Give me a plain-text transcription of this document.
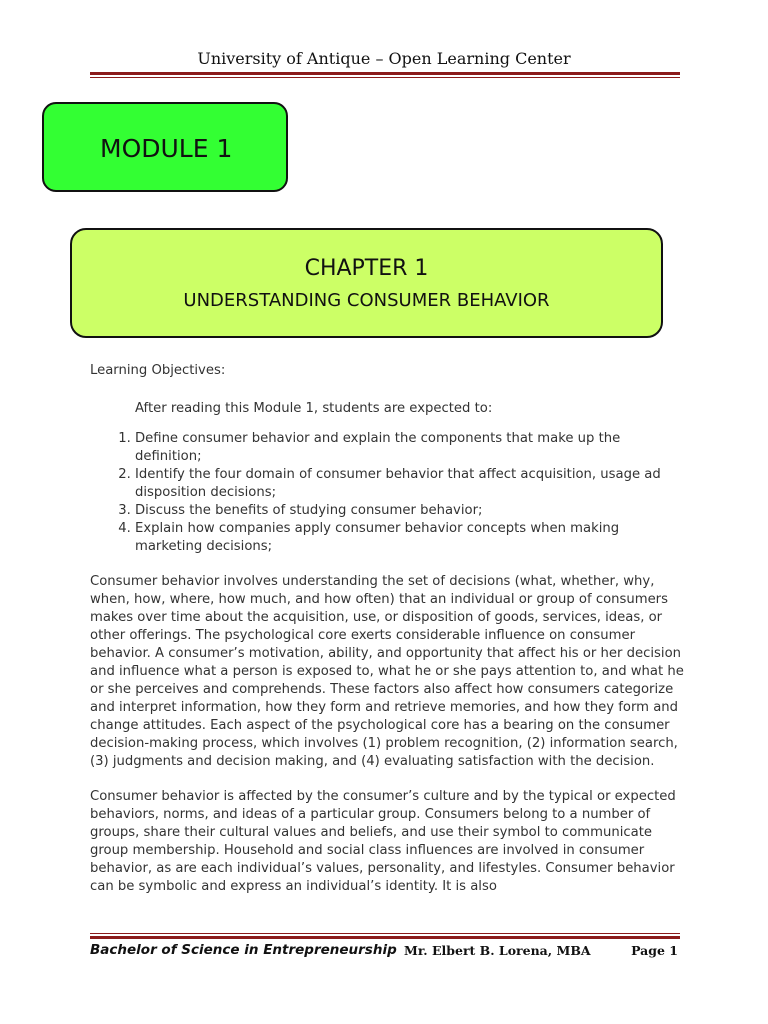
University of Antique – Open Learning Center
MODULE 1
CHAPTER 1
UNDERSTANDING CONSUMER BEHAVIOR
Learning Objectives:
After reading this Module 1, students are expected to:
1. Define consumer behavior and explain the components that make up the definition;
2. Identify the four domain of consumer behavior that affect acquisition, usage ad disposition decisions;
3. Discuss the benefits of studying consumer behavior;
4. Explain how companies apply consumer behavior concepts when making marketing decisions;

Consumer behavior involves understanding the set of decisions (what, whether, why, when, how, where, how much, and how often) that an individual or group of consumers makes over time about the acquisition, use, or disposition of goods, services, ideas, or other offerings. The psychological core exerts considerable influence on consumer behavior. A consumer’s motivation, ability, and opportunity that affect his or her decision and influence what a person is exposed to, what he or she pays attention to, and what he or she perceives and comprehends. These factors also affect how consumers categorize and interpret information, how they form and retrieve memories, and how they form and change attitudes. Each aspect of the psychological core has a bearing on the consumer decision-making process, which involves (1) problem recognition, (2) information search, (3) judgments and decision making, and (4) evaluating satisfaction with the decision.

Consumer behavior is affected by the consumer’s culture and by the typical or expected behaviors, norms, and ideas of a particular group. Consumers belong to a number of groups, share their cultural values and beliefs, and use their symbol to communicate group membership. Household and social class influences are involved in consumer behavior, as are each individual’s values, personality, and lifestyles. Consumer behavior can be symbolic and express an individual’s identity. It is also

Bachelor of Science in Entrepreneurship Mr. Elbert B. Lorena, MBA	Page 1
